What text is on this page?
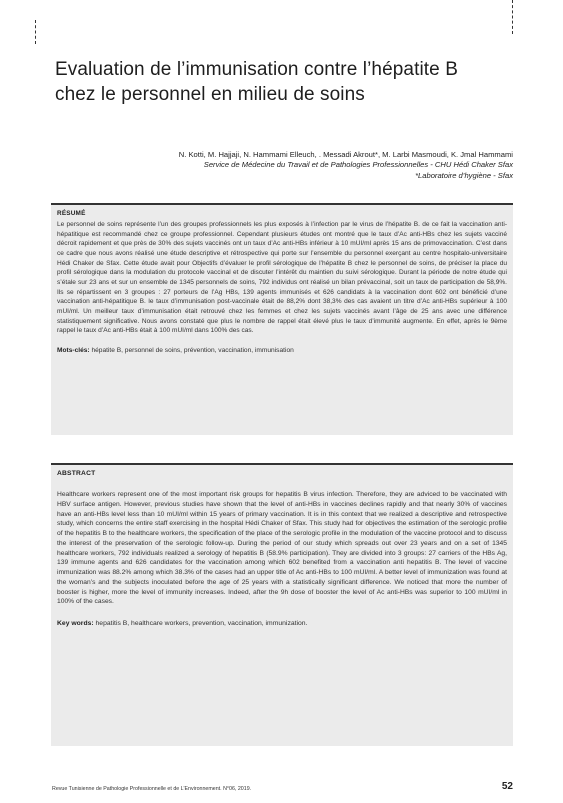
Evaluation de l’immunisation contre l’hépatite B
chez le personnel en milieu de soins
N. Kotti, M. Hajjaji, N. Hammami Elleuch, . Messadi Akrout*, M. Larbi Masmoudi, K. Jmal Hammami
Service de Médecine du Travail et de Pathologies Professionnelles - CHU Hédi Chaker Sfax
*Laboratoire d’hygiène - Sfax
RÉSUMÉ

Le personnel de soins représente l’un des groupes professionnels les plus exposés à l’infection par le virus de l’hépatite B. de ce fait la vaccination anti-hépatitique est recommandé chez ce groupe professionnel. Cependant plusieurs études ont montré que le taux d’Ac anti-HBs chez les sujets vacciné décroit rapidement et que près de 30% des sujets vaccinés ont un taux d’Ac anti-HBs inférieur à 10 mUI/ml après 15 ans de primovaccination. C’est dans ce cadre que nous avons réalisé une étude descriptive et rétrospective qui porte sur l’ensemble du personnel exerçant au centre hospitalo-universitaire Hédi Chaker de Sfax. Cette étude avait pour Objectifs d’évaluer le profil sérologique de l’hépatite B chez le personnel de soins, de préciser la place du profil sérologique dans la modulation du protocole vaccinal et de discuter l’intérêt du maintien du suivi sérologique. Durant la période de notre étude qui s’étale sur 23 ans et sur un ensemble de 1345 personnels de soins, 792 individus ont réalisé un bilan prévaccinal, soit un taux de participation de 58,9%. Ils se répartissent en 3 groupes : 27 porteurs de l’Ag HBs, 139 agents immunisés et 626 candidats à la vaccination dont 602 ont bénéficié d’une vaccination anti-hépatitique B. le taux d’immunisation post-vaccinale était de 88,2% dont 38,3% des cas avaient un titre d’Ac anti-HBs supérieur à 100 mUI/ml. Un meilleur taux d’immunisation était retrouvé chez les femmes et chez les sujets vaccinés avant l’âge de 25 ans avec une différence statistiquement significative. Nous avons constaté que plus le nombre de rappel était élevé plus le taux d’immunité augmente. En effet, après le 9ème rappel le taux d’Ac anti-HBs était à 100 mUI/ml dans 100% des cas.

Mots-clés: hépatite B, personnel de soins, prévention, vaccination, immunisation
ABSTRACT

Healthcare workers represent one of the most important risk groups for hepatitis B virus infection. Therefore, they are adviced to be vaccinated with HBV surface antigen. However, previous studies have shown that the level of anti-HBs in vaccines declines rapidly and that nearly 30% of vaccines have an anti-HBs level less than 10 mUI/ml within 15 years of primary vaccination. It is in this context that we realized a descriptive and retrospective study, which concerns the entire staff exercising in the hospital Hédi Chaker of Sfax. This study had for objectives the estimation of the serologic profile of the hepatitis B to the healthcare workers, the specification of the place of the serologic profile in the modulation of the vaccine protocol and to discuss the interest of the preservation of the serologic follow-up. During the period of our study which spreads out over 23 years and on a set of 1345 healthcare workers, 792 individuals realized a serology of hepatitis B (58.9% participation). They are divided into 3 groups: 27 carriers of the HBs Ag, 139 immune agents and 626 candidates for the vaccination among which 602 benefited from a vaccination anti hepatitis B. The level of vaccine immunization was 88.2% among which 38.3% of the cases had an upper title of Ac anti-HBs to 100 mUI/ml. A better level of immunization was found at the woman’s and the subjects inoculated before the age of 25 years with a statistically significant difference. We noticed that more the number of booster is higher, more the level of immunity increases. Indeed, after the 9h dose of booster the level of Ac anti-HBs was superior to 100 mUI/ml in 100% of the cases.

Key words: hepatitis B, healthcare workers, prevention, vaccination, immunization.
Revue Tunisienne de Pathologie Professionnelle et de L’Environnement. N°06, 2019.	52
